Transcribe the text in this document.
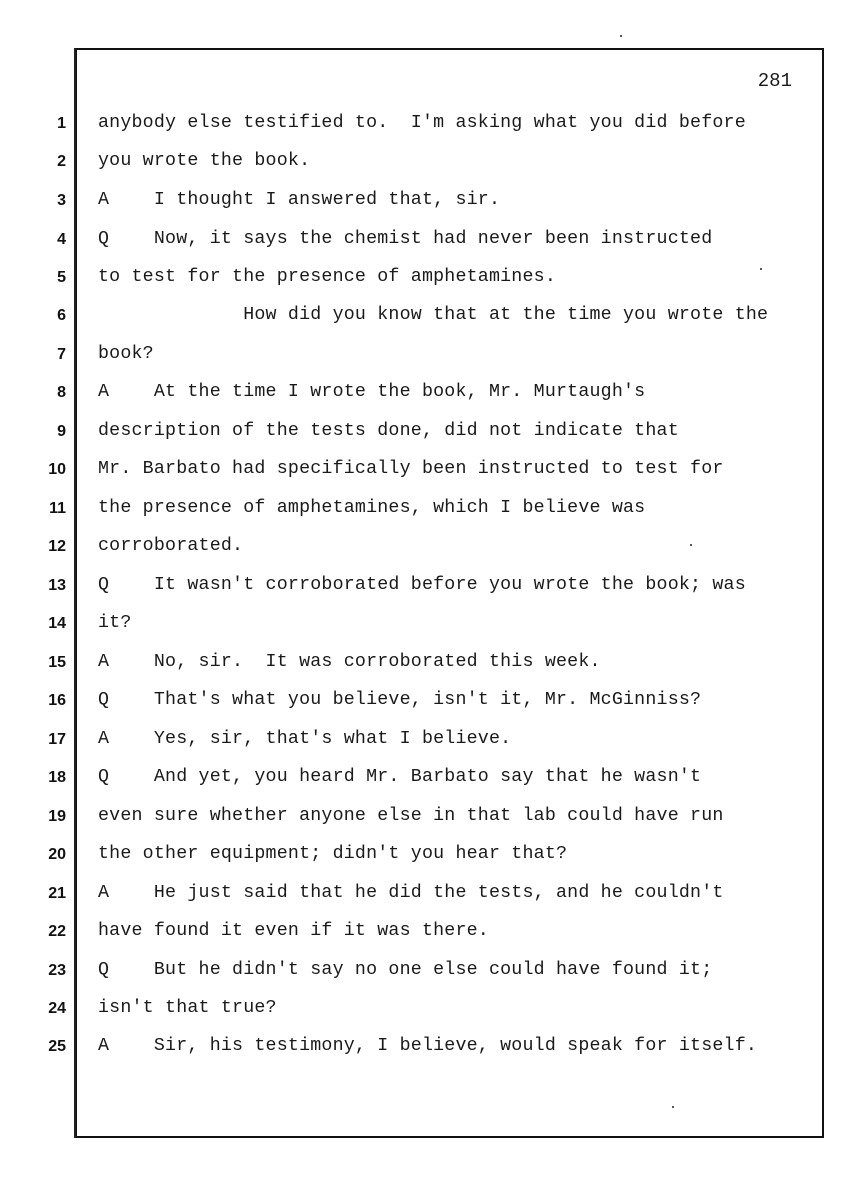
281
1 anybody else testified to.  I'm asking what you did before
2 you wrote the book.
3 A    I thought I answered that, sir.
4 Q    Now, it says the chemist had never been instructed
5 to test for the presence of amphetamines.
6 How did you know that at the time you wrote the
7 book?
8 A    At the time I wrote the book, Mr. Murtaugh's
9 description of the tests done, did not indicate that
10 Mr. Barbato had specifically been instructed to test for
11 the presence of amphetamines, which I believe was
12 corroborated.
13 Q    It wasn't corroborated before you wrote the book; was
14 it?
15 A    No, sir.  It was corroborated this week.
16 Q    That's what you believe, isn't it, Mr. McGinniss?
17 A    Yes, sir, that's what I believe.
18 Q    And yet, you heard Mr. Barbato say that he wasn't
19 even sure whether anyone else in that lab could have run
20 the other equipment; didn't you hear that?
21 A    He just said that he did the tests, and he couldn't
22 have found it even if it was there.
23 Q    But he didn't say no one else could have found it;
24 isn't that true?
25 A    Sir, his testimony, I believe, would speak for itself.
